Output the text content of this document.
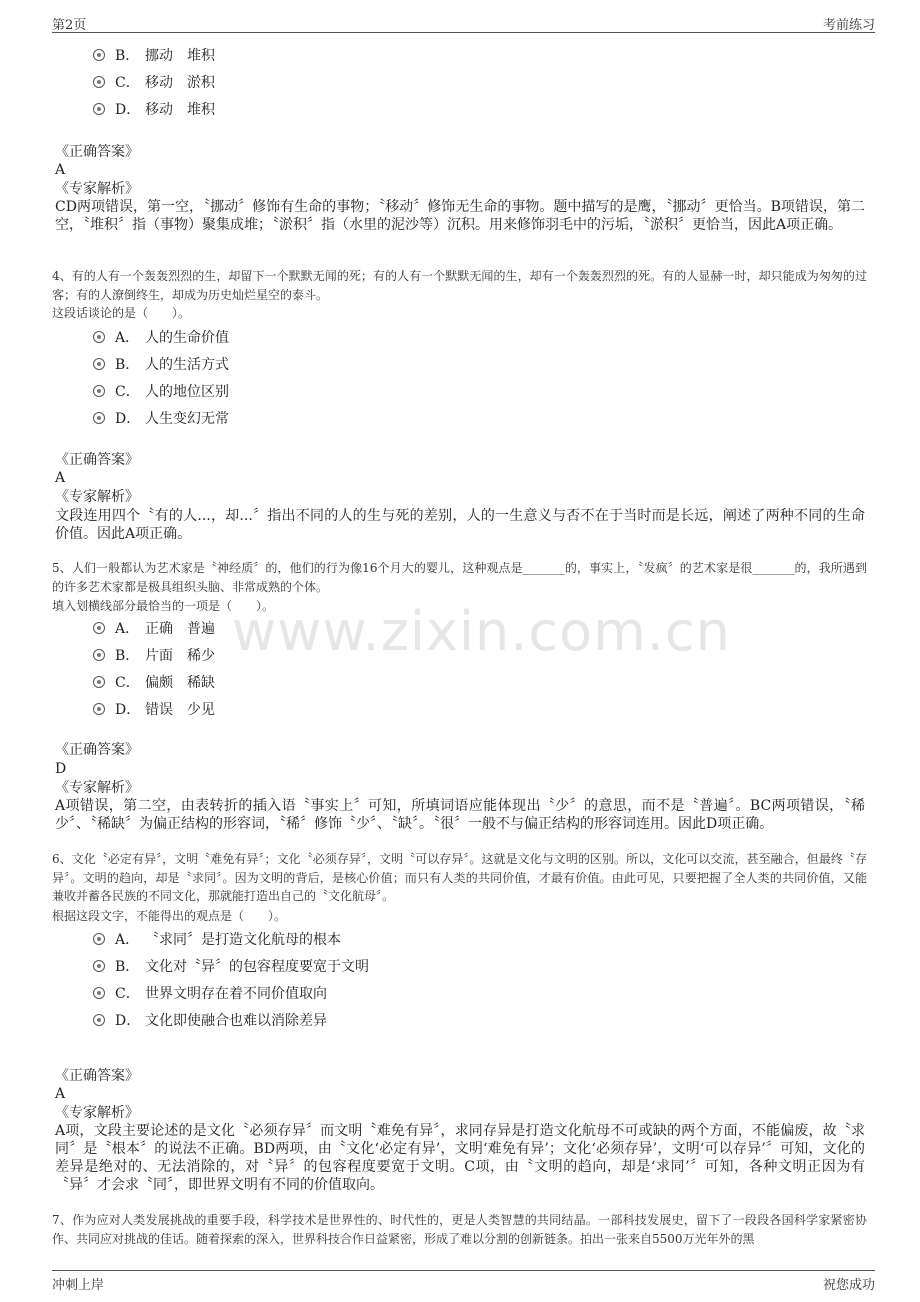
第2页	考前练习
www.zixin.com.cn
B． 挪动　堆积
C． 移动　淤积
D． 移动　堆积
《正确答案》
A
《专家解析》
CD两项错误，第一空，〝挪动〞修饰有生命的事物；〝移动〞修饰无生命的事物。题中描写的是鹰，〝挪动〞更恰当。B项错误，第二空，〝堆积〞指（事物）聚集成堆；〝淤积〞指（水里的泥沙等）沉积。用来修饰羽毛中的污垢，〝淤积〞更恰当，因此A项正确。
4、有的人有一个轰轰烈烈的生，却留下一个默默无闻的死；有的人有一个默默无闻的生，却有一个轰轰烈烈的死。有的人显赫一时，却只能成为匆匆的过客；有的人潦倒终生，却成为历史灿烂星空的泰斗。
这段话谈论的是（　　）。
A． 人的生命价值
B． 人的生活方式
C． 人的地位区别
D． 人生变幻无常
《正确答案》
A
《专家解析》
文段连用四个〝有的人...，却...〞指出不同的人的生与死的差别，人的一生意义与否不在于当时而是长远，阐述了两种不同的生命价值。因此A项正确。
5、人们一般都认为艺术家是〝神经质〞的，他们的行为像16个月大的婴儿，这种观点是_______的，事实上，〝发疯〞的艺术家是很_______的，我所遇到的许多艺术家都是极具组织头脑、非常成熟的个体。
填入划横线部分最恰当的一项是（　　）。
A． 正确　普遍
B． 片面　稀少
C． 偏颇　稀缺
D． 错误　少见
《正确答案》
D
《专家解析》
A项错误，第二空，由表转折的插入语〝事实上〞可知，所填词语应能体现出〝少〞的意思，而不是〝普遍〞。BC两项错误，〝稀少〞、〝稀缺〞为偏正结构的形容词，〝稀〞修饰〝少〞、〝缺〞。〝很〞一般不与偏正结构的形容词连用。因此D项正确。
6、文化〝必定有异〞，文明〝难免有异〞；文化〝必须存异〞，文明〝可以存异〞。这就是文化与文明的区别。所以，文化可以交流，甚至融合，但最终〝存异〞。文明的趋向，却是〝求同〞。因为文明的背后，是核心价值；而只有人类的共同价值，才最有价值。由此可见，只要把握了全人类的共同价值，又能兼收并蓄各民族的不同文化，那就能打造出自己的〝文化航母〞。
根据这段文字，不能得出的观点是（　　）。
A． 〝求同〞是打造文化航母的根本
B． 文化对〝异〞的包容程度要宽于文明
C． 世界文明存在着不同价值取向
D． 文化即使融合也难以消除差异
《正确答案》
A
《专家解析》
A项，文段主要论述的是文化〝必须存异〞而文明〝难免有异〞，求同存异是打造文化航母不可或缺的两个方面，不能偏废，故〝求同〞是〝根本〞的说法不正确。BD两项，由〝文化‘必定有异’，文明‘难免有异’；文化‘必须存异’，文明‘可以存异’〞可知，文化的差异是绝对的、无法消除的，对〝异〞的包容程度要宽于文明。C项，由〝文明的趋向，却是‘求同’〞可知，各种文明正因为有〝异〞才会求〝同〞，即世界文明有不同的价值取向。
7、作为应对人类发展挑战的重要手段，科学技术是世界性的、时代性的，更是人类智慧的共同结晶。一部科技发展史，留下了一段段各国科学家紧密协作、共同应对挑战的佳话。随着探索的深入，世界科技合作日益紧密，形成了难以分割的创新链条。拍出一张来自5500万光年外的黑
冲刺上岸	祝您成功
